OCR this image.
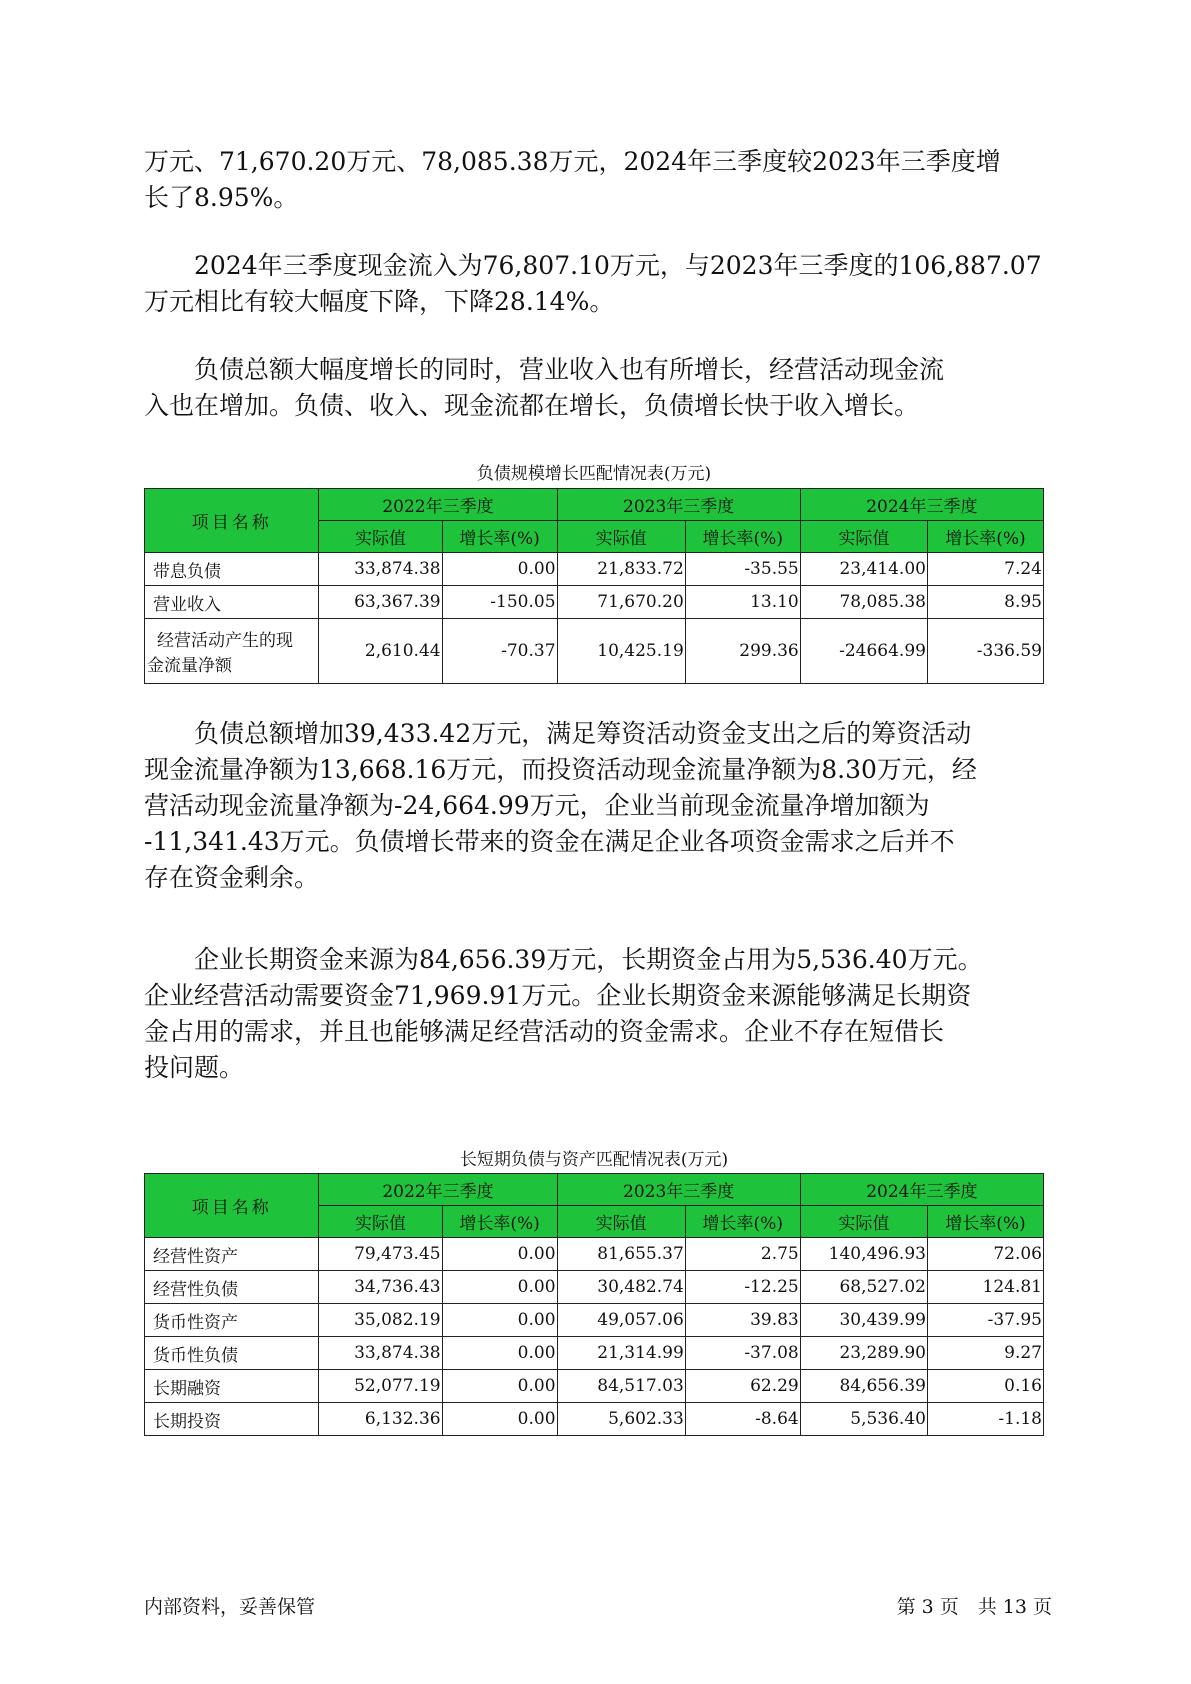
万元、71,670.20万元、78,085.38万元，2024年三季度较2023年三季度增
长了8.95%。

　　2024年三季度现金流入为76,807.10万元，与2023年三季度的106,887.07
万元相比有较大幅度下降，下降28.14%。

　　负债总额大幅度增长的同时，营业收入也有所增长，经营活动现金流
入也在增加。负债、收入、现金流都在增长，负债增长快于收入增长。

负债规模增长匹配情况表(万元)
项目名称	2022年三季度		2023年三季度		2024年三季度	
	实际值	增长率(%)	实际值	增长率(%)	实际值	增长率(%)
带息负债	33,874.38	0.00	21,833.72	-35.55	23,414.00	7.24
营业收入	63,367.39	-150.05	71,670.20	13.10	78,085.38	8.95

经营活动产生的现
金流量净额	2,610.44	-70.37	10,425.19	299.36	-24664.99	-336.59

　　负债总额增加39,433.42万元，满足筹资活动资金支出之后的筹资活动
现金流量净额为13,668.16万元，而投资活动现金流量净额为8.30万元，经
营活动现金流量净额为-24,664.99万元，企业当前现金流量净增加额为
-11,341.43万元。负债增长带来的资金在满足企业各项资金需求之后并不
存在资金剩余。

　　企业长期资金来源为84,656.39万元，长期资金占用为5,536.40万元。
企业经营活动需要资金71,969.91万元。企业长期资金来源能够满足长期资
金占用的需求，并且也能够满足经营活动的资金需求。企业不存在短借长
投问题。

长短期负债与资产匹配情况表(万元)
项目名称	2022年三季度		2023年三季度		2024年三季度	
	实际值	增长率(%)	实际值	增长率(%)	实际值	增长率(%)
经营性资产	79,473.45	0.00	81,655.37	2.75	140,496.93	72.06
经营性负债	34,736.43	0.00	30,482.74	-12.25	68,527.02	124.81
货币性资产	35,082.19	0.00	49,057.06	39.83	30,439.99	-37.95
货币性负债	33,874.38	0.00	21,314.99	-37.08	23,289.90	9.27
长期融资	52,077.19	0.00	84,517.03	62.29	84,656.39	0.16
长期投资	6,132.36	0.00	5,602.33	-8.64	5,536.40	-1.18
内部资料，妥善保管	第 3 页　共 13 页
